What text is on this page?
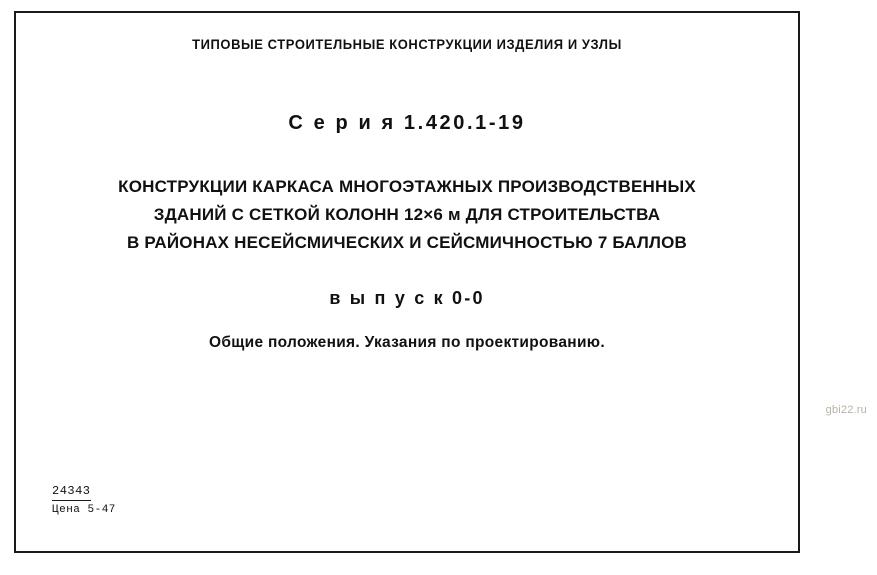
ТИПОВЫЕ СТРОИТЕЛЬНЫЕ КОНСТРУКЦИИ ИЗДЕЛИЯ И УЗЛЫ
С е р и я 1.420.1-19
КОНСТРУКЦИИ КАРКАСА МНОГОЭТАЖНЫХ ПРОИЗВОДСТВЕННЫХ
ЗДАНИЙ С СЕТКОЙ КОЛОНН 12×6 м ДЛЯ СТРОИТЕЛЬСТВА
В РАЙОНАХ НЕСЕЙСМИЧЕСКИХ И СЕЙСМИЧНОСТЬЮ 7 БАЛЛОВ
в ы п у с к 0-0
Общие положения. Указания по проектированию.
24343
Цена 5-47
gbi22.ru
